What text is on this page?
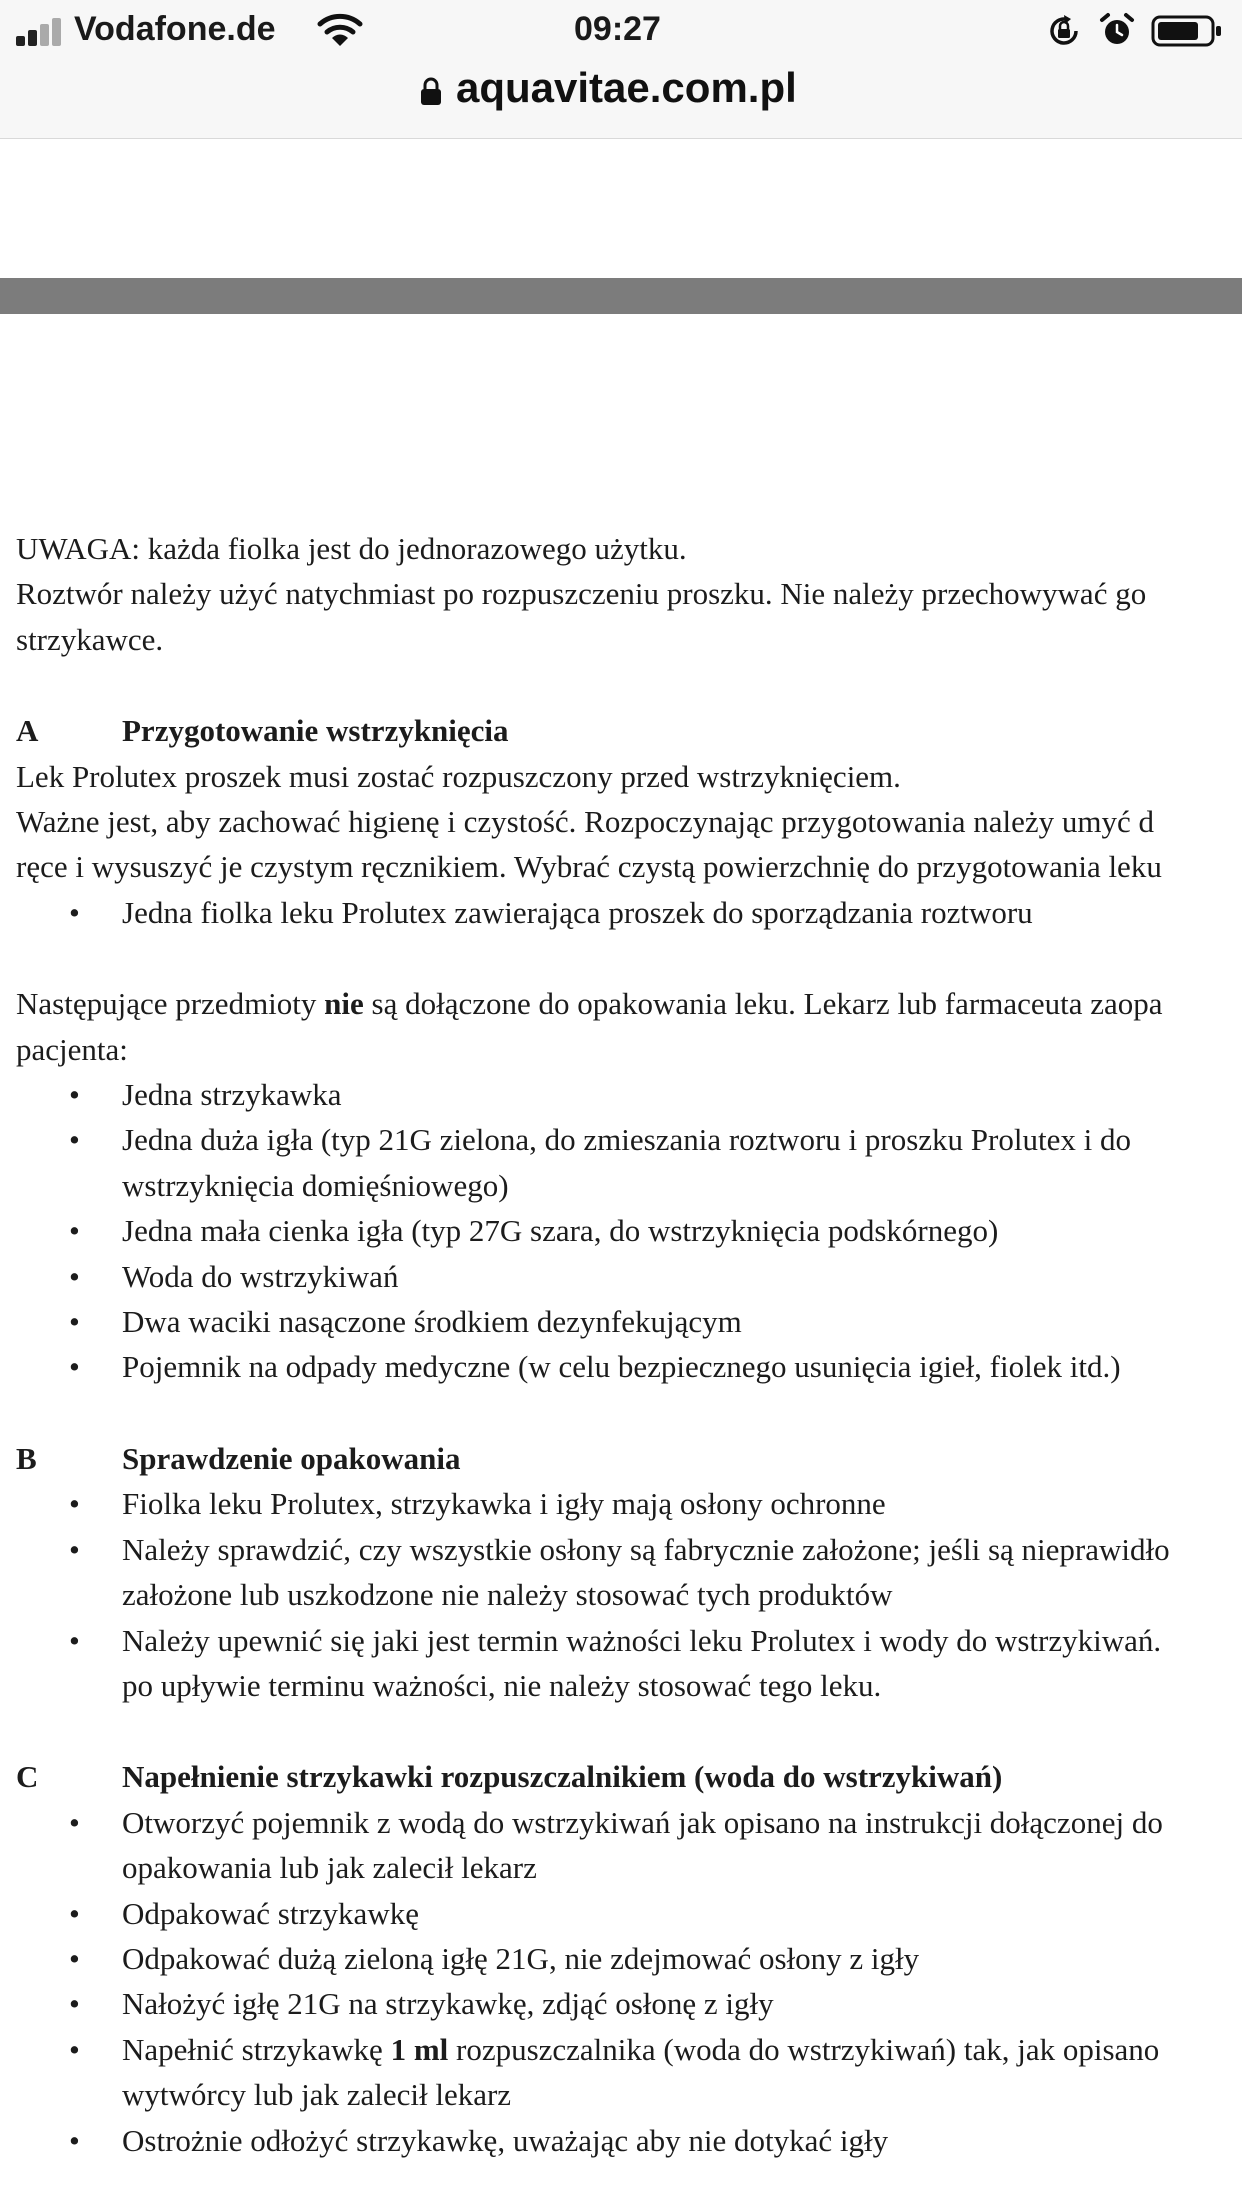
Vodafone.de	09:27
aquavitae.com.pl

UWAGA: każda fiolka jest do jednorazowego użytku.

Roztwór należy użyć natychmiast po rozpuszczeniu proszku. Nie należy przechowywać go

strzykawce.

A	Przygotowanie wstrzyknięcia

Lek Prolutex proszek musi zostać rozpuszczony przed wstrzyknięciem.

Ważne jest, aby zachować higienę i czystość. Rozpoczynając przygotowania należy umyć d

ręce i wysuszyć je czystym ręcznikiem. Wybrać czystą powierzchnię do przygotowania leku

• Jedna fiolka leku Prolutex zawierająca proszek do sporządzania roztworu

Następujące przedmioty nie są dołączone do opakowania leku. Lekarz lub farmaceuta zaopa

pacjenta:

• Jedna strzykawka
• Jedna duża igła (typ 21G zielona, do zmieszania roztworu i proszku Prolutex i do
wstrzyknięcia domięśniowego)
• Jedna mała cienka igła (typ 27G szara, do wstrzyknięcia podskórnego)
• Woda do wstrzykiwań
• Dwa waciki nasączone środkiem dezynfekującym
• Pojemnik na odpady medyczne (w celu bezpiecznego usunięcia igieł, fiolek itd.)
B	Sprawdzenie opakowania
• Fiolka leku Prolutex, strzykawka i igły mają osłony ochronne
• Należy sprawdzić, czy wszystkie osłony są fabrycznie założone; jeśli są nieprawidło
założone lub uszkodzone nie należy stosować tych produktów
• Należy upewnić się jaki jest termin ważności leku Prolutex i wody do wstrzykiwań.
po upływie terminu ważności, nie należy stosować tego leku.
C	Napełnienie strzykawki rozpuszczalnikiem (woda do wstrzykiwań)
• Otworzyć pojemnik z wodą do wstrzykiwań jak opisano na instrukcji dołączonej do
opakowania lub jak zalecił lekarz
• Odpakować strzykawkę
• Odpakować dużą zieloną igłę 21G, nie zdejmować osłony z igły
• Nałożyć igłę 21G na strzykawkę, zdjąć osłonę z igły
• Napełnić strzykawkę 1 ml rozpuszczalnika (woda do wstrzykiwań) tak, jak opisano
wytwórcy lub jak zalecił lekarz
• Ostrożnie odłożyć strzykawkę, uważając aby nie dotykać igły
